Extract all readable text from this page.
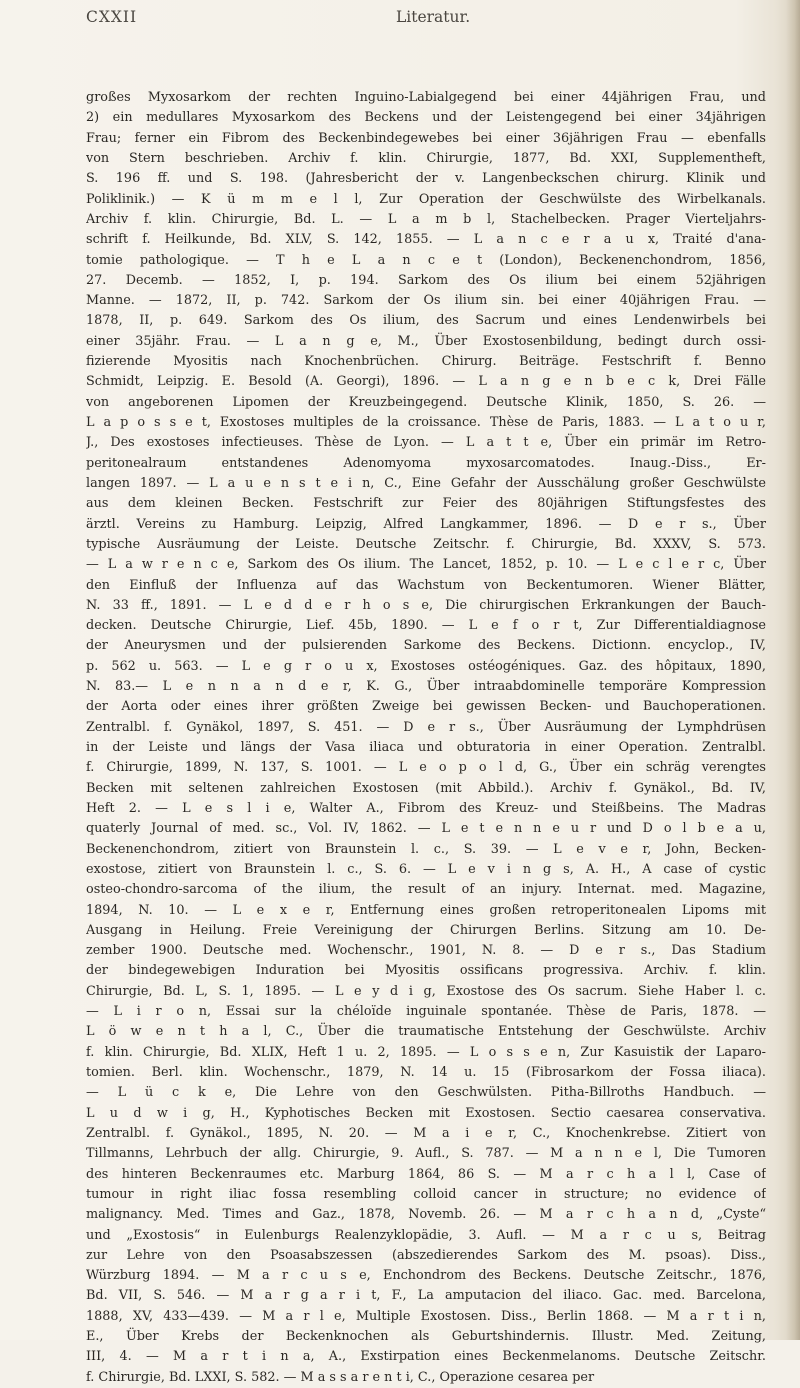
CXXII	Literatur.
großes Myxosarkom der rechten Inguino-Labialgegend bei einer 44jährigen Frau, und
2) ein medullares Myxosarkom des Beckens und der Leistengegend bei einer 34jährigen
Frau; ferner ein Fibrom des Beckenbindegewebes bei einer 36jährigen Frau — ebenfalls
von Stern beschrieben. Archiv f. klin. Chirurgie, 1877, Bd. XXI, Supplementheft,
S. 196 ff. und S. 198. (Jahresbericht der v. Langenbeckschen chirurg. Klinik und
Poliklinik.) — K ü m m e l l, Zur Operation der Geschwülste des Wirbelkanals.
Archiv f. klin. Chirurgie, Bd. L. — L a m b l, Stachelbecken. Prager Vierteljahrs-
schrift f. Heilkunde, Bd. XLV, S. 142, 1855. — L a n c e r a u x, Traité d'ana-
tomie pathologique. — T h e L a n c e t (London), Beckenenchondrom, 1856,
27. Decemb. — 1852, I, p. 194. Sarkom des Os ilium bei einem 52jährigen
Manne. — 1872, II, p. 742. Sarkom der Os ilium sin. bei einer 40jährigen Frau. —
1878, II, p. 649. Sarkom des Os ilium, des Sacrum und eines Lendenwirbels bei
einer 35jähr. Frau. — L a n g e, M., Über Exostosenbildung, bedingt durch ossi-
fizierende Myositis nach Knochenbrüchen. Chirurg. Beiträge. Festschrift f. Benno
Schmidt, Leipzig. E. Besold (A. Georgi), 1896. — L a n g e n b e c k, Drei Fälle
von angeborenen Lipomen der Kreuzbeingegend. Deutsche Klinik, 1850, S. 26. —
L a p o s s e t, Exostoses multiples de la croissance. Thèse de Paris, 1883. — L a t o u r,
J., Des exostoses infectieuses. Thèse de Lyon. — L a t t e, Über ein primär im Retro-
peritonealraum entstandenes Adenomyoma myxosarcomatodes. Inaug.-Diss., Er-
langen 1897. — L a u e n s t e i n, C., Eine Gefahr der Ausschälung großer Geschwülste
aus dem kleinen Becken. Festschrift zur Feier des 80jährigen Stiftungsfestes des
ärztl. Vereins zu Hamburg. Leipzig, Alfred Langkammer, 1896. — D e r s., Über
typische Ausräumung der Leiste. Deutsche Zeitschr. f. Chirurgie, Bd. XXXV, S. 573.
— L a w r e n c e, Sarkom des Os ilium. The Lancet, 1852, p. 10. — L e c l e r c, Über
den Einfluß der Influenza auf das Wachstum von Beckentumoren. Wiener Blätter,
N. 33 ff., 1891. — L e d d e r h o s e, Die chirurgischen Erkrankungen der Bauch-
decken. Deutsche Chirurgie, Lief. 45b, 1890. — L e f o r t, Zur Differentialdiagnose
der Aneurysmen und der pulsierenden Sarkome des Beckens. Dictionn. encyclop., IV,
p. 562 u. 563. — L e g r o u x, Exostoses ostéogéniques. Gaz. des hôpitaux, 1890,
N. 83.— L e n n a n d e r, K. G., Über intraabdominelle temporäre Kompression
der Aorta oder eines ihrer größten Zweige bei gewissen Becken- und Bauchoperationen.
Zentralbl. f. Gynäkol, 1897, S. 451. — D e r s., Über Ausräumung der Lymphdrüsen
in der Leiste und längs der Vasa iliaca und obturatoria in einer Operation. Zentralbl.
f. Chirurgie, 1899, N. 137, S. 1001. — L e o p o l d, G., Über ein schräg verengtes
Becken mit seltenen zahlreichen Exostosen (mit Abbild.). Archiv f. Gynäkol., Bd. IV,
Heft 2. — L e s l i e, Walter A., Fibrom des Kreuz- und Steißbeins. The Madras
quaterly Journal of med. sc., Vol. IV, 1862. — L e t e n n e u r und D o l b e a u,
Beckenenchondrom, zitiert von Braunstein l. c., S. 39. — L e v e r, John, Becken-
exostose, zitiert von Braunstein l. c., S. 6. — L e v i n g s, A. H., A case of cystic
osteo-chondro-sarcoma of the ilium, the result of an injury. Internat. med. Magazine,
1894, N. 10. — L e x e r, Entfernung eines großen retroperitonealen Lipoms mit
Ausgang in Heilung. Freie Vereinigung der Chirurgen Berlins. Sitzung am 10. De-
zember 1900. Deutsche med. Wochenschr., 1901, N. 8. — D e r s., Das Stadium
der bindegewebigen Induration bei Myositis ossificans progressiva. Archiv. f. klin.
Chirurgie, Bd. L, S. 1, 1895. — L e y d i g, Exostose des Os sacrum. Siehe Haber l. c.
— L i r o n, Essai sur la chéloïde inguinale spontanée. Thèse de Paris, 1878. —
L ö w e n t h a l, C., Über die traumatische Entstehung der Geschwülste. Archiv
f. klin. Chirurgie, Bd. XLIX, Heft 1 u. 2, 1895. — L o s s e n, Zur Kasuistik der Laparo-
tomien. Berl. klin. Wochenschr., 1879, N. 14 u. 15 (Fibrosarkom der Fossa iliaca).
— L ü c k e, Die Lehre von den Geschwülsten. Pitha-Billroths Handbuch. —
L u d w i g, H., Kyphotisches Becken mit Exostosen. Sectio caesarea conservativa.
Zentralbl. f. Gynäkol., 1895, N. 20. — M a i e r, C., Knochenkrebse. Zitiert von
Tillmanns, Lehrbuch der allg. Chirurgie, 9. Aufl., S. 787. — M a n n e l, Die Tumoren
des hinteren Beckenraumes etc. Marburg 1864, 86 S. — M a r c h a l l, Case of
tumour in right iliac fossa resembling colloid cancer in structure; no evidence of
malignancy. Med. Times and Gaz., 1878, Novemb. 26. — M a r c h a n d, „Cyste“
und „Exostosis“ in Eulenburgs Realenzyklopädie, 3. Aufl. — M a r c u s, Beitrag
zur Lehre von den Psoasabszessen (abszedierendes Sarkom des M. psoas). Diss.,
Würzburg 1894. — M a r c u s e, Enchondrom des Beckens. Deutsche Zeitschr., 1876,
Bd. VII, S. 546. — M a r g a r i t, F., La amputacion del iliaco. Gac. med. Barcelona,
1888, XV, 433—439. — M a r l e, Multiple Exostosen. Diss., Berlin 1868. — M a r t i n,
E., Über Krebs der Beckenknochen als Geburtshindernis. Illustr. Med. Zeitung,
III, 4. — M a r t i n a, A., Exstirpation eines Beckenmelanoms. Deutsche Zeitschr.
f. Chirurgie, Bd. LXXI, S. 582. — M a s s a r e n t i, C., Operazione cesarea per
